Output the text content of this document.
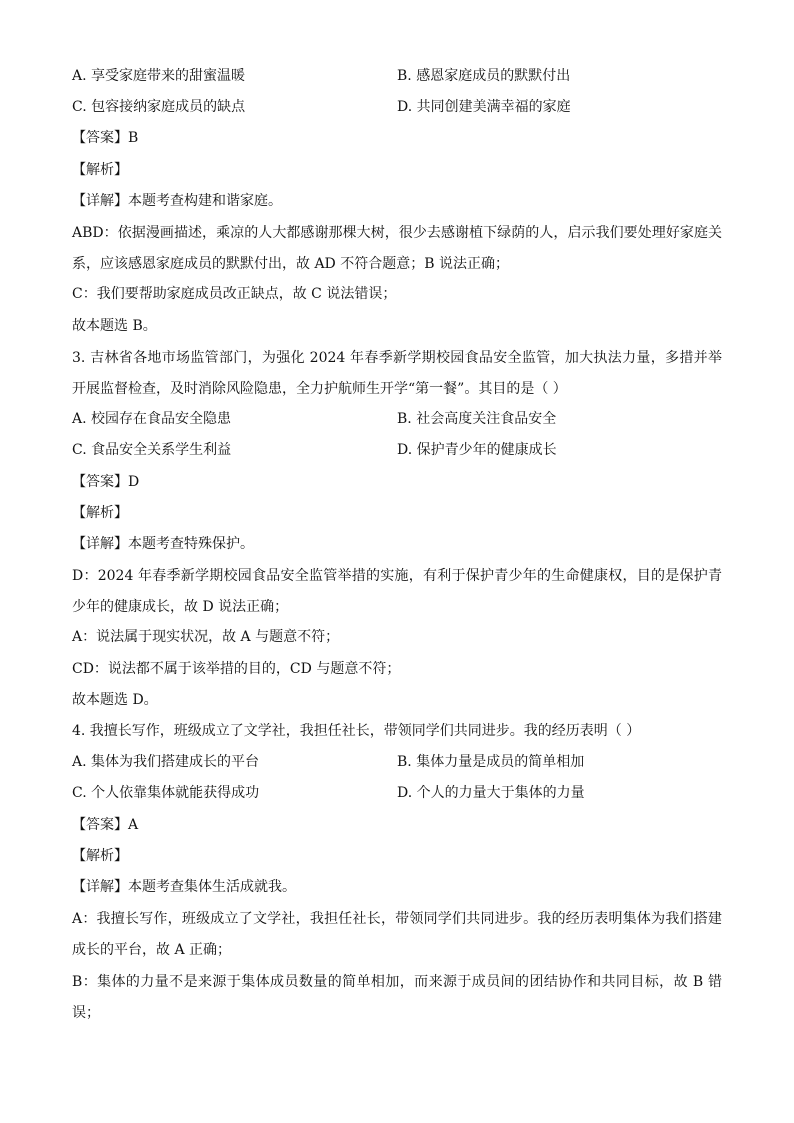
A. 享受家庭带来的甜蜜温暖	B. 感恩家庭成员的默默付出
C. 包容接纳家庭成员的缺点	D. 共同创建美满幸福的家庭
【答案】B
【解析】
【详解】本题考查构建和谐家庭。
ABD：依据漫画描述，乘凉的人大都感谢那棵大树，很少去感谢植下绿荫的人，启示我们要处理好家庭关系，应该感恩家庭成员的默默付出，故 AD 不符合题意；B 说法正确；
C：我们要帮助家庭成员改正缺点，故 C 说法错误；
故本题选 B。
3. 吉林省各地市场监管部门，为强化 2024 年春季新学期校园食品安全监管，加大执法力量，多措并举开展监督检查，及时消除风险隐患，全力护航师生开学“第一餐”。其目的是（ ）
A. 校园存在食品安全隐患	B. 社会高度关注食品安全
C. 食品安全关系学生利益	D. 保护青少年的健康成长
【答案】D
【解析】
【详解】本题考查特殊保护。
D：2024 年春季新学期校园食品安全监管举措的实施，有利于保护青少年的生命健康权，目的是保护青少年的健康成长，故 D 说法正确；
A：说法属于现实状况，故 A 与题意不符；
CD：说法都不属于该举措的目的，CD 与题意不符；
故本题选 D。
4. 我擅长写作，班级成立了文学社，我担任社长，带领同学们共同进步。我的经历表明（ ）
A. 集体为我们搭建成长的平台	B. 集体力量是成员的简单相加
C. 个人依靠集体就能获得成功	D. 个人的力量大于集体的力量
【答案】A
【解析】
【详解】本题考查集体生活成就我。
A：我擅长写作，班级成立了文学社，我担任社长，带领同学们共同进步。我的经历表明集体为我们搭建成长的平台，故 A 正确；
B：集体的力量不是来源于集体成员数量的简单相加，而来源于成员间的团结协作和共同目标，故 B 错误；
